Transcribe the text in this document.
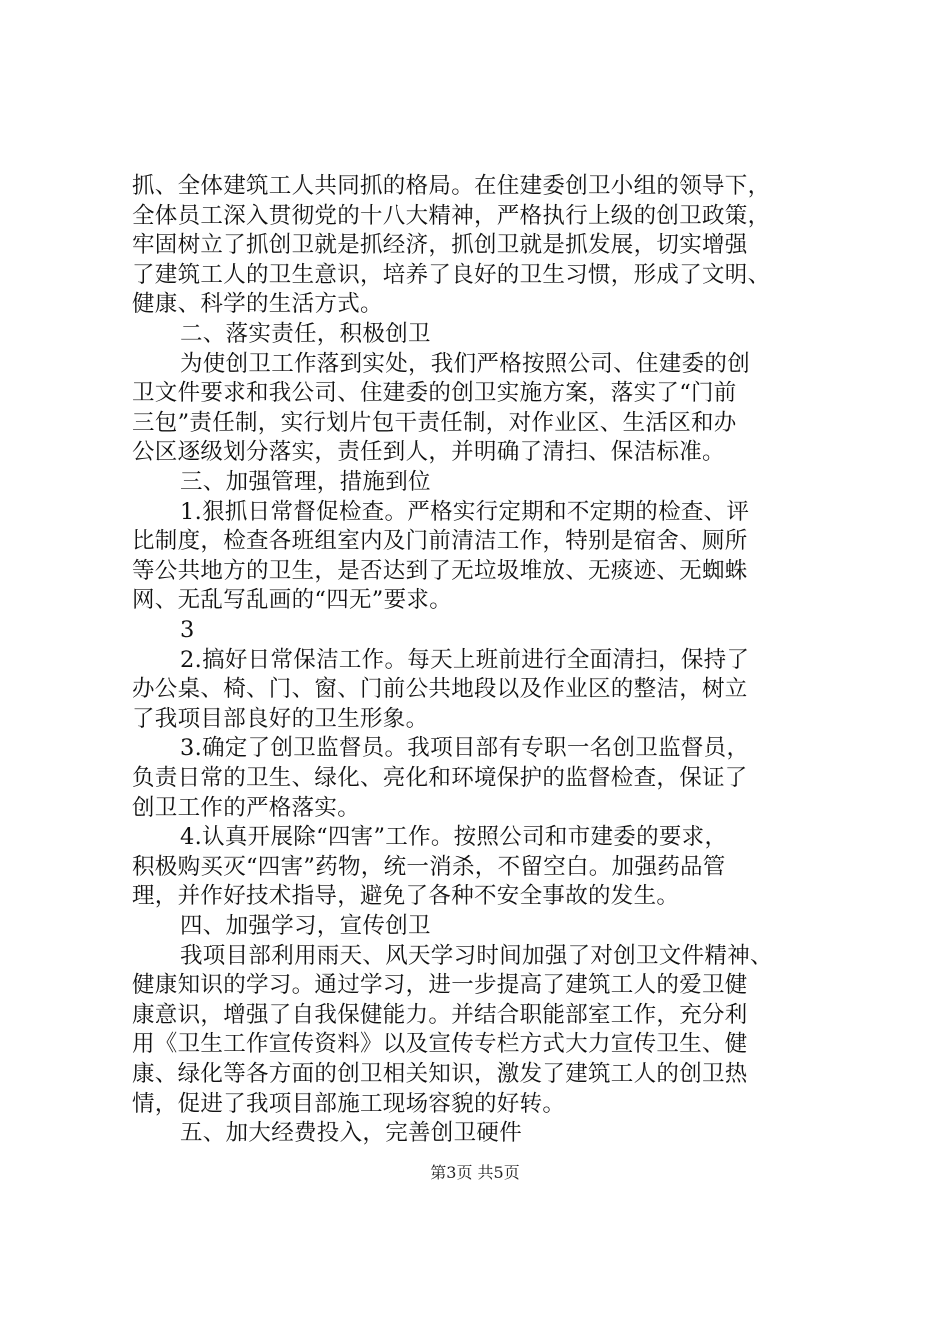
抓、全体建筑工人共同抓的格局。在住建委创卫小组的领导下，
全体员工深入贯彻党的十八大精神，严格执行上级的创卫政策，
牢固树立了抓创卫就是抓经济，抓创卫就是抓发展，切实增强
了建筑工人的卫生意识，培养了良好的卫生习惯，形成了文明、
健康、科学的生活方式。
二、落实责任，积极创卫
为使创卫工作落到实处，我们严格按照公司、住建委的创
卫文件要求和我公司、住建委的创卫实施方案，落实了“门前
三包”责任制，实行划片包干责任制，对作业区、生活区和办
公区逐级划分落实，责任到人，并明确了清扫、保洁标准。
三、加强管理，措施到位
1.狠抓日常督促检查。严格实行定期和不定期的检查、评
比制度，检查各班组室内及门前清洁工作，特别是宿舍、厕所
等公共地方的卫生，是否达到了无垃圾堆放、无痰迹、无蜘蛛
网、无乱写乱画的“四无”要求。
3
2.搞好日常保洁工作。每天上班前进行全面清扫，保持了
办公桌、椅、门、窗、门前公共地段以及作业区的整洁，树立
了我项目部良好的卫生形象。
3.确定了创卫监督员。我项目部有专职一名创卫监督员，
负责日常的卫生、绿化、亮化和环境保护的监督检查，保证了
创卫工作的严格落实。
4.认真开展除“四害”工作。按照公司和市建委的要求，
积极购买灭“四害”药物，统一消杀，不留空白。加强药品管
理，并作好技术指导，避免了各种不安全事故的发生。
四、加强学习，宣传创卫
我项目部利用雨天、风天学习时间加强了对创卫文件精神、
健康知识的学习。通过学习，进一步提高了建筑工人的爱卫健
康意识，增强了自我保健能力。并结合职能部室工作，充分利
用《卫生工作宣传资料》以及宣传专栏方式大力宣传卫生、健
康、绿化等各方面的创卫相关知识，激发了建筑工人的创卫热
情，促进了我项目部施工现场容貌的好转。
五、加大经费投入，完善创卫硬件
第3页 共5页
